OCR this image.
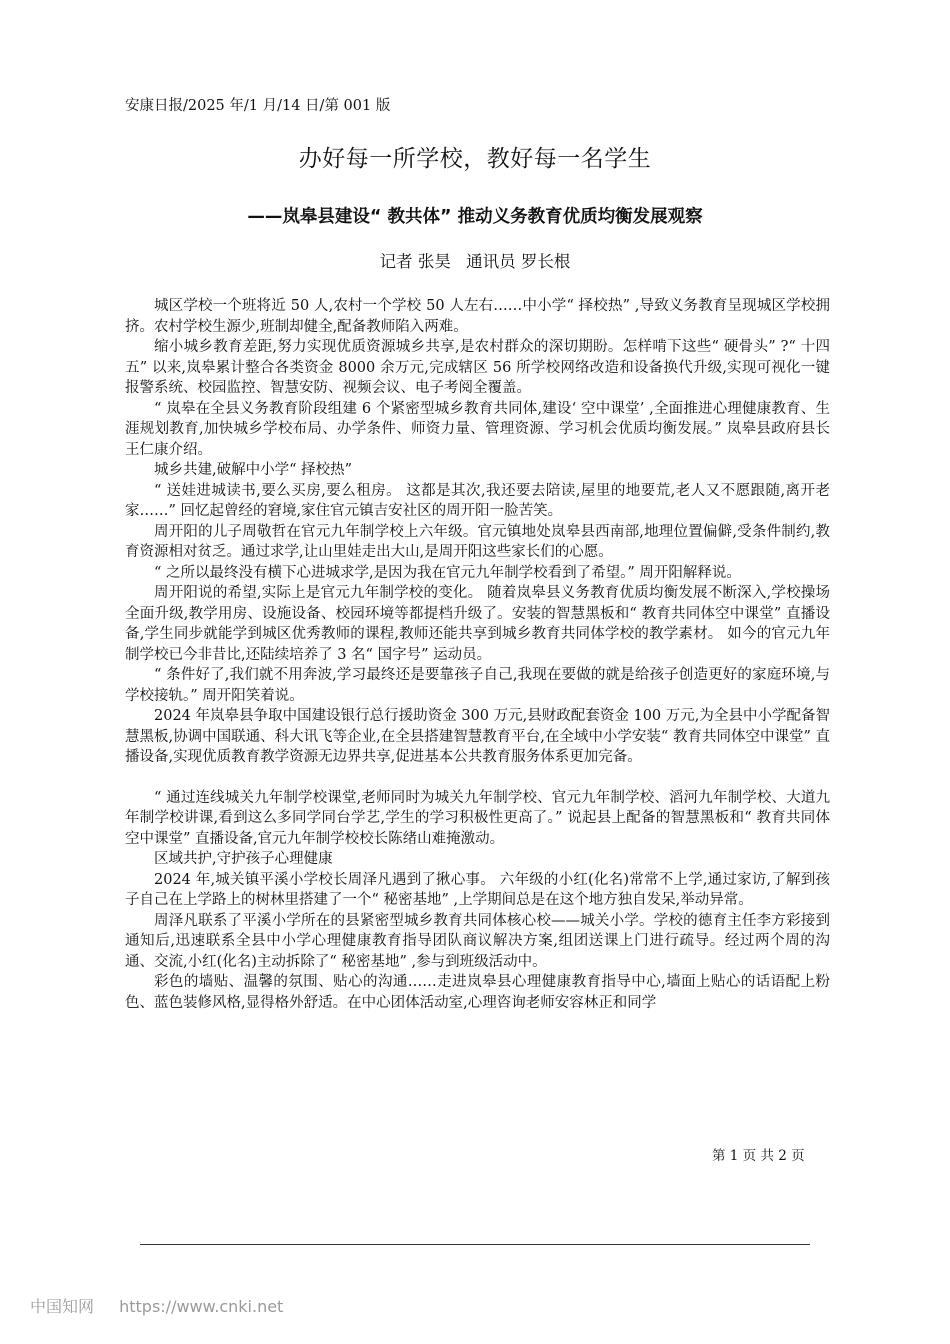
安康日报/2025 年/1 月/14 日/第 001 版
办好每一所学校，教好每一名学生
——岚皋县建设“ 教共体” 推动义务教育优质均衡发展观察
记者 张昊 通讯员 罗长根

城区学校一个班将近 50 人,农村一个学校 50 人左右……中小学“ 择校热” ,导致义务教育呈现城区学校拥挤。农村学校生源少,班制却健全,配备教师陷入两难。

缩小城乡教育差距,努力实现优质资源城乡共享,是农村群众的深切期盼。怎样啃下这些“ 硬骨头” ?“ 十四五” 以来,岚皋累计整合各类资金 8000 余万元,完成辖区 56 所学校网络改造和设备换代升级,实现可视化一键报警系统、校园监控、智慧安防、视频会议、电子考阅全覆盖。

“ 岚皋在全县义务教育阶段组建 6 个紧密型城乡教育共同体,建设‘ 空中课堂’ ,全面推进心理健康教育、生涯规划教育,加快城乡学校布局、办学条件、师资力量、管理资源、学习机会优质均衡发展。” 岚皋县政府县长王仁康介绍。

城乡共建,破解中小学“ 择校热”

“ 送娃进城读书,要么买房,要么租房。 这都是其次,我还要去陪读,屋里的地要荒,老人又不愿跟随,离开老家……” 回忆起曾经的窘境,家住官元镇吉安社区的周开阳一脸苦笑。

周开阳的儿子周敬哲在官元九年制学校上六年级。官元镇地处岚皋县西南部,地理位置偏僻,受条件制约,教育资源相对贫乏。通过求学,让山里娃走出大山,是周开阳这些家长们的心愿。

“ 之所以最终没有横下心进城求学,是因为我在官元九年制学校看到了希望。” 周开阳解释说。

周开阳说的希望,实际上是官元九年制学校的变化。 随着岚皋县义务教育优质均衡发展不断深入,学校操场全面升级,教学用房、设施设备、校园环境等都提档升级了。安装的智慧黑板和“ 教育共同体空中课堂” 直播设备,学生同步就能学到城区优秀教师的课程,教师还能共享到城乡教育共同体学校的教学素材。 如今的官元九年制学校已今非昔比,还陆续培养了 3 名“ 国字号” 运动员。

“ 条件好了,我们就不用奔波,学习最终还是要靠孩子自己,我现在要做的就是给孩子创造更好的家庭环境,与学校接轨。” 周开阳笑着说。

2024 年岚皋县争取中国建设银行总行援助资金 300 万元,县财政配套资金 100 万元,为全县中小学配备智慧黑板,协调中国联通、科大讯飞等企业,在全县搭建智慧教育平台,在全域中小学安装“ 教育共同体空中课堂” 直播设备,实现优质教育教学资源无边界共享,促进基本公共教育服务体系更加完备。

“ 通过连线城关九年制学校课堂,老师同时为城关九年制学校、官元九年制学校、滔河九年制学校、大道九年制学校讲课,看到这么多同学同台学艺,学生的学习积极性更高了。” 说起县上配备的智慧黑板和“ 教育共同体空中课堂” 直播设备,官元九年制学校校长陈绪山难掩激动。

区域共护,守护孩子心理健康

2024 年,城关镇平溪小学校长周泽凡遇到了揪心事。 六年级的小红(化名)常常不上学,通过家访,了解到孩子自己在上学路上的树林里搭建了一个“ 秘密基地” ,上学期间总是在这个地方独自发呆,举动异常。

周泽凡联系了平溪小学所在的县紧密型城乡教育共同体核心校——城关小学。学校的德育主任李方彩接到通知后,迅速联系全县中小学心理健康教育指导团队商议解决方案,组团送课上门进行疏导。经过两个周的沟通、交流,小红(化名)主动拆除了“ 秘密基地” ,参与到班级活动中。

彩色的墙贴、温馨的氛围、贴心的沟通……走进岚皋县心理健康教育指导中心,墙面上贴心的话语配上粉色、蓝色装修风格,显得格外舒适。在中心团体活动室,心理咨询老师安容林正和同学

第 1 页 共 2 页
中国知网 https://www.cnki.net
